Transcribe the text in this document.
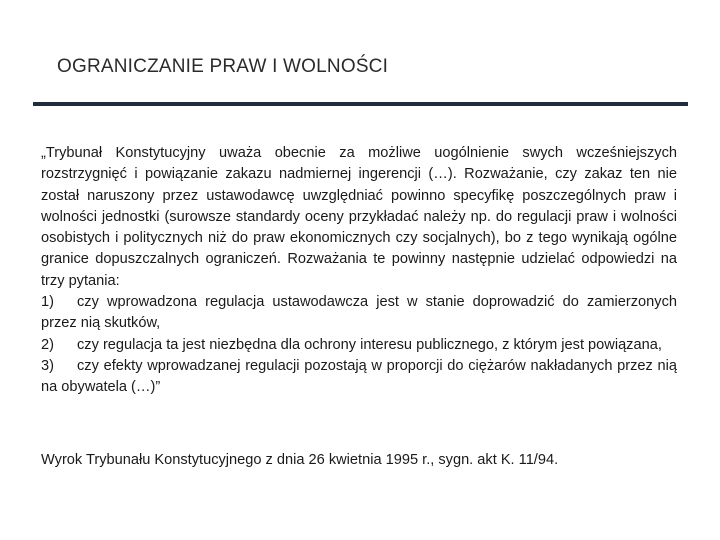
OGRANICZANIE PRAW I WOLNOŚCI

„Trybunał Konstytucyjny uważa obecnie za możliwe uogólnienie swych wcześniejszych rozstrzygnięć i powiązanie zakazu nadmiernej ingerencji (…). Rozważanie, czy zakaz ten nie został naruszony przez ustawodawcę uwzględniać powinno specyfikę poszczególnych praw i wolności jednostki (surowsze standardy oceny przykładać należy np. do regulacji praw i wolności osobistych i politycznych niż do praw ekonomicznych czy socjalnych), bo z tego wynikają ogólne granice dopuszczalnych ograniczeń. Rozważania te powinny następnie udzielać odpowiedzi na trzy pytania:

1) czy wprowadzona regulacja ustawodawcza jest w stanie doprowadzić do zamierzonych przez nią skutków,

2) czy regulacja ta jest niezbędna dla ochrony interesu publicznego, z którym jest powiązana,

3) czy efekty wprowadzanej regulacji pozostają w proporcji do ciężarów nakładanych przez nią na obywatela (…)”

Wyrok Trybunału Konstytucyjnego z dnia 26 kwietnia 1995 r., sygn. akt K. 11/94.
